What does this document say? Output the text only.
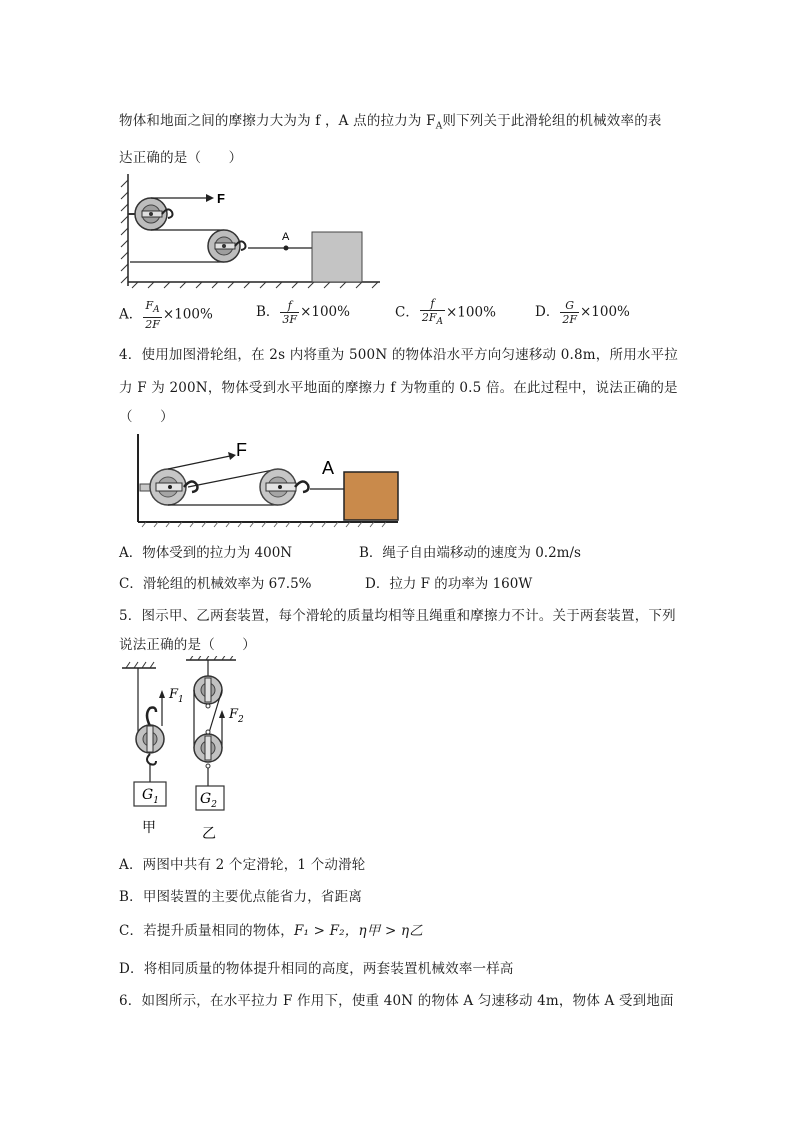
物体和地面之间的摩擦力大为为 f ，A 点的拉力为 $F_A$则下列关于此滑轮组的机械效率的表
达正确的是（　　）
F
A
A． $\frac{F_A}{2F} \times 100\%$	B． $\frac{f}{3F} \times 100\%$	C． $\frac{f}{2F_A} \times 100\%$	D． $\frac{G}{2F} \times 100\%$
4．使用加图滑轮组，在 2s 内将重为 500N 的物体沿水平方向匀速移动 0.8m，所用水平拉
力 F 为 200N，物体受到水平地面的摩擦力 f 为物重的 0.5 倍。在此过程中，说法正确的是
（　　）
F
A
A．物体受到的拉力为 400N	B．绳子自由端移动的速度为 0.2m/s
C．滑轮组的机械效率为 67.5%	D．拉力 F 的功率为 160W
5．图示甲、乙两套装置，每个滑轮的质量均相等且绳重和摩擦力不计。关于两套装置，下列
说法正确的是（　　）
$F_1$
$G_1$
甲
$F_2$
$G_2$
乙
A．两图中共有 2 个定滑轮，1 个动滑轮
B．甲图装置的主要优点能省力，省距离
C．若提升质量相同的物体，F₁ > F₂，η甲 > η乙
D．将相同质量的物体提升相同的高度，两套装置机械效率一样高
6．如图所示，在水平拉力 F 作用下，使重 40N 的物体 A 匀速移动 4m，物体 A 受到地面
